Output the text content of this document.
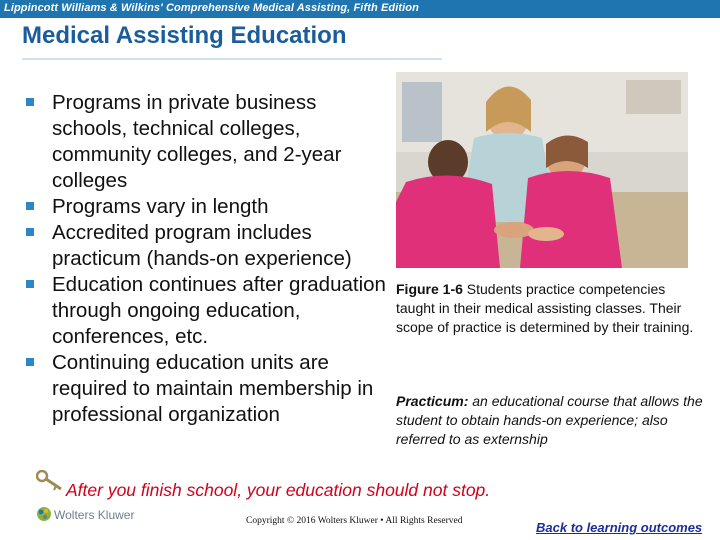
Lippincott Williams & Wilkins' Comprehensive Medical Assisting, Fifth Edition
Medical Assisting Education
Programs in private business schools, technical colleges, community colleges, and 2-year colleges
Programs vary in length
Accredited program includes practicum (hands-on experience)
Education continues after graduation through ongoing education, conferences, etc.
Continuing education units are required to maintain membership in professional organization
Figure 1-6 Students practice competencies taught in their medical assisting classes. Their scope of practice is determined by their training.
Practicum: an educational course that allows the student to obtain hands-on experience; also referred to as externship
After you finish school, your education should not stop.
Wolters Kluwer	Copyright © 2016 Wolters Kluwer • All Rights Reserved	Back to learning outcomes
